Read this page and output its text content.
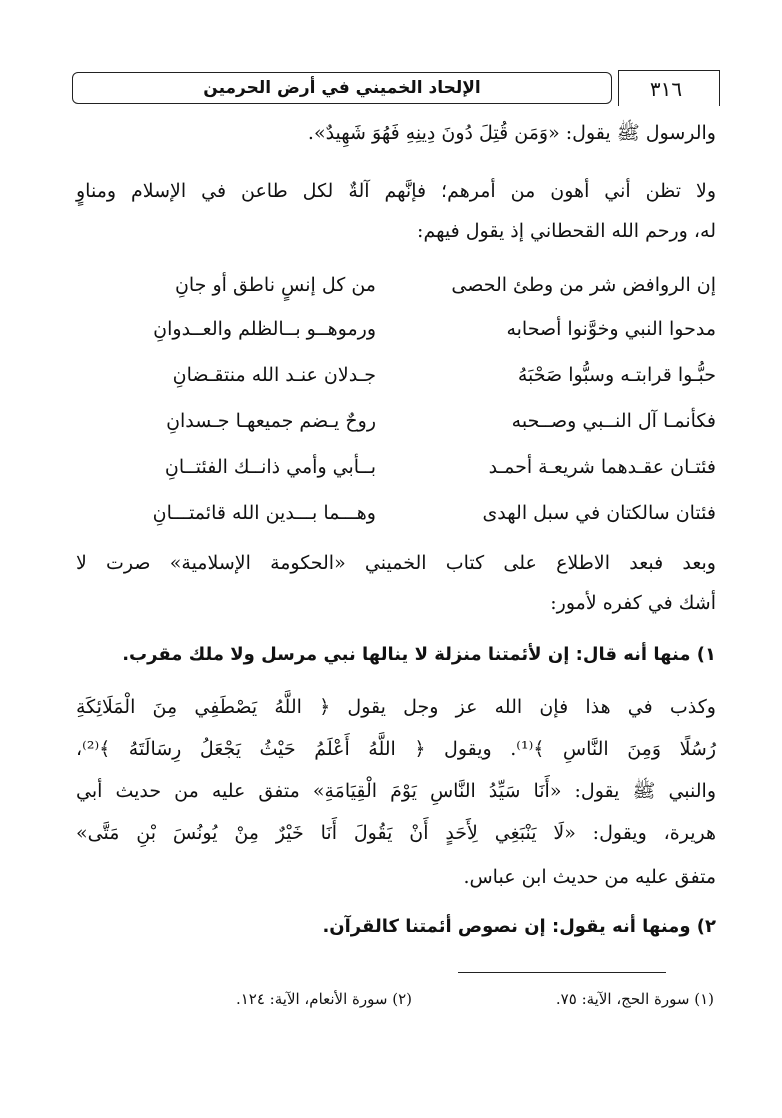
الإلحاد الخميني في أرض الحرمين	٣١٦
والرسول ﷺ يقول: «وَمَن قُتِلَ دُونَ دِينِهِ فَهُوَ شَهِيدٌ».
ولا تظن أني أهون من أمرهم؛ فإنَّهم آلةٌ لكل طاعن في الإسلام ومناوٍ
له، ورحم الله القحطاني إذ يقول فيهم:
إن الروافض شر من وطئ الحصى
من كل إنسٍ ناطق أو جانِ
مدحوا النبي وخوَّنوا أصحابه
ورموهــو بــالظلم والعــدوانِ
حبُّـوا قرابتـه وسبُّوا صَحْبَهُ
جـدلان عنـد الله منتقـضانِ
فكأنمـا آل النــبي وصــحبه
روحٌ يـضم جميعهـا جـسدانِ
فئتـان عقـدهما شريعـة أحمـد
بــأبي وأمي ذانــك الفئتــانِ
فئتان سالكتان في سبل الهدى
وهـــما بـــدين الله قائمتـــانِ
وبعد فبعد الاطلاع على كتاب الخميني «الحكومة الإسلامية» صرت لا
أشك في كفره لأمور:
١) منها أنه قال: إن لأئمتنا منزلة لا ينالها نبي مرسل ولا ملك مقرب.
وكذب في هذا فإن الله عز وجل يقول ﴿ اللَّهُ يَصْطَفِي مِنَ الْمَلَائِكَةِ
رُسُلًا وَمِنَ النَّاسِ ﴾⁽¹⁾. ويقول ﴿ اللَّهُ أَعْلَمُ حَيْثُ يَجْعَلُ رِسَالَتَهُ ﴾⁽²⁾،
والنبي ﷺ يقول: «أَنَا سَيِّدُ النَّاسِ يَوْمَ الْقِيَامَةِ» متفق عليه من حديث أبي
هريرة، ويقول: «لَا يَنْبَغِي لِأَحَدٍ أَنْ يَقُولَ أَنَا خَيْرٌ مِنْ يُونُسَ بْنِ مَتَّى»
متفق عليه من حديث ابن عباس.
٢) ومنها أنه يقول: إن نصوص أئمتنا كالقرآن.
(١) سورة الحج، الآية: ٧٥.
(٢) سورة الأنعام، الآية: ١٢٤.
